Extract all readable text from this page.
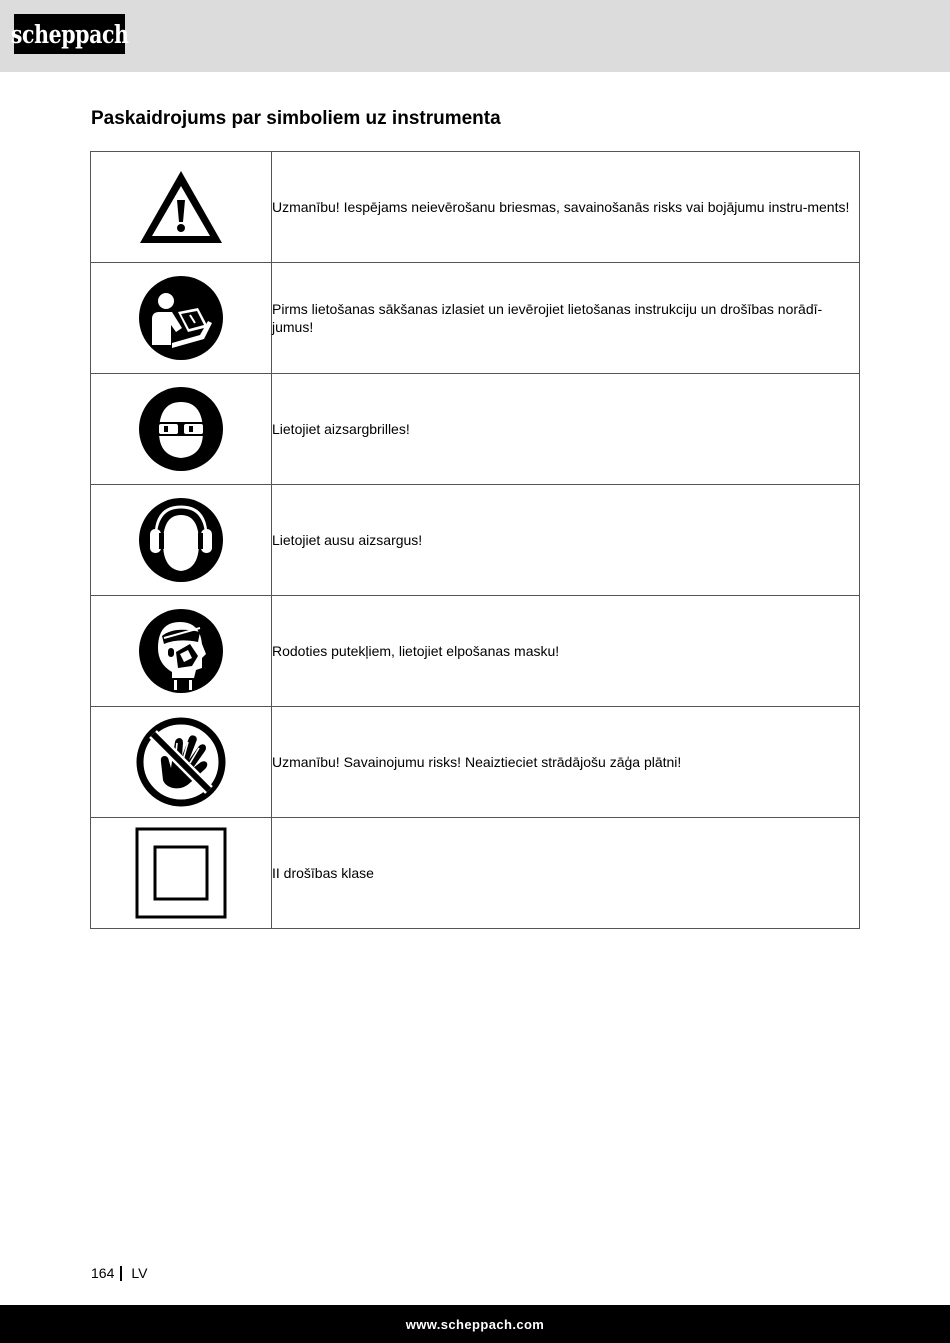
scheppach
Paskaidrojums par simboliem uz instrumenta
	Uzmanību! Iespējams neievērošanu briesmas, savainošanās risks vai bojājumu instru-ments!

	Pirms lietošanas sākšanas izlasiet un ievērojiet lietošanas instrukciju un drošības norādī-jumus!

	Lietojiet aizsargbrilles!

	Lietojiet ausu aizsargus!

	Rodoties putekļiem, lietojiet elpošanas masku!

	Uzmanību! Savainojumu risks! Neaiztieciet strādājošu zāģa plātni!

	II drošības klase
164 LV
www.scheppach.com
